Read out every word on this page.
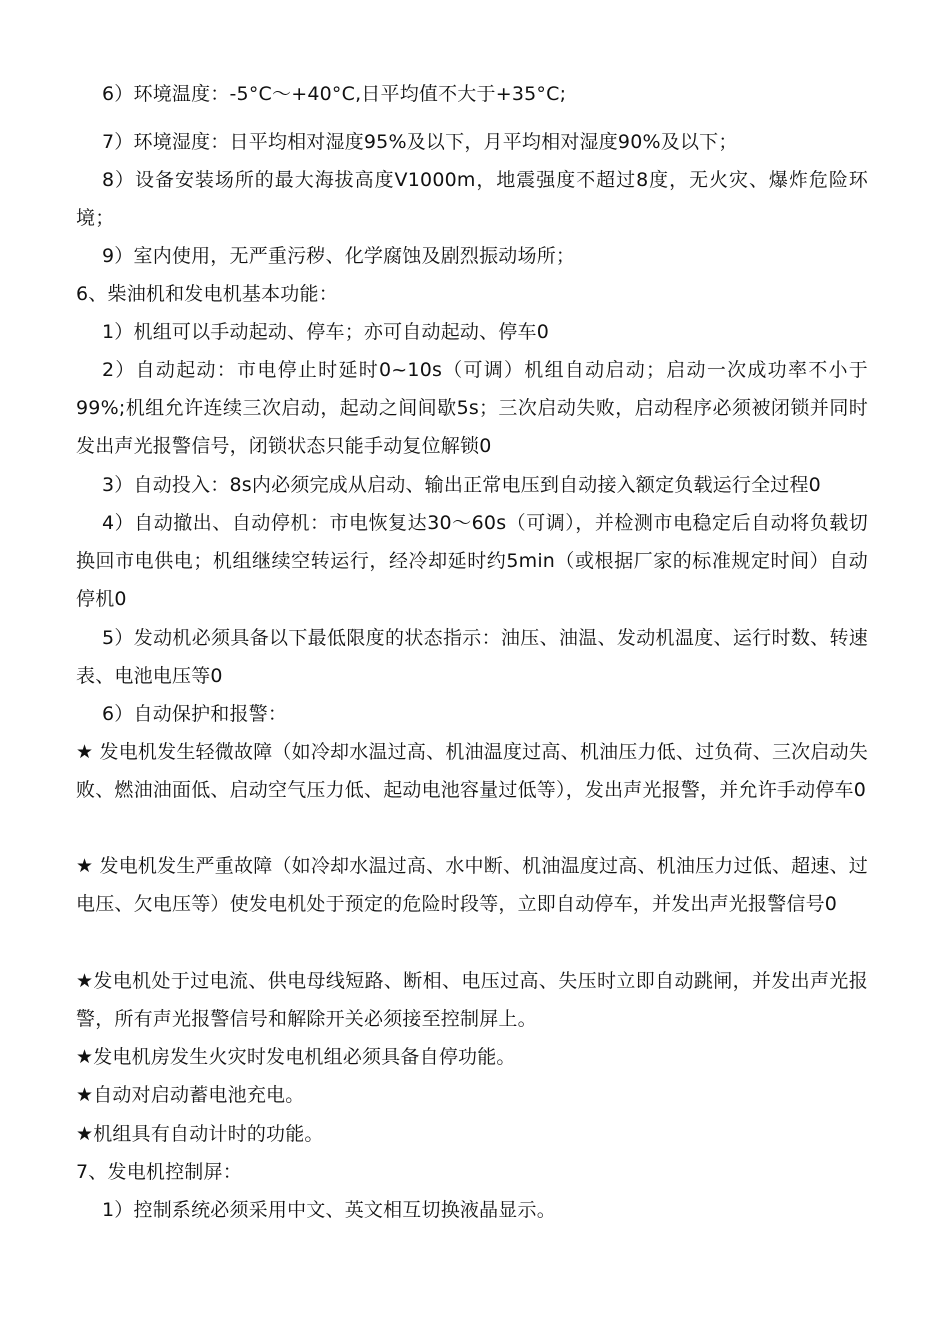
6）环境温度：-5°C～+40°C,日平均值不大于+35°C;

7）环境湿度：日平均相对湿度95%及以下，月平均相对湿度90%及以下；

8）设备安装场所的最大海拔高度V1000m，地震强度不超过8度，无火灾、爆炸危险环境；

9）室内使用，无严重污秽、化学腐蚀及剧烈振动场所；

6、柴油机和发电机基本功能：

1）机组可以手动起动、停车；亦可自动起动、停车0

2）自动起动：市电停止时延时0~10s（可调）机组自动启动；启动一次成功率不小于99%;机组允许连续三次启动，起动之间间歇5s；三次启动失败，启动程序必须被闭锁并同时发出声光报警信号，闭锁状态只能手动复位解锁0

3）自动投入：8s内必须完成从启动、输出正常电压到自动接入额定负载运行全过程0

4）自动撤出、自动停机：市电恢复达30～60s（可调），并检测市电稳定后自动将负载切换回市电供电；机组继续空转运行，经冷却延时约5min（或根据厂家的标准规定时间）自动停机0

5）发动机必须具备以下最低限度的状态指示：油压、油温、发动机温度、运行时数、转速表、电池电压等0

6）自动保护和报警：

★ 发电机发生轻微故障（如冷却水温过高、机油温度过高、机油压力低、过负荷、三次启动失败、燃油油面低、启动空气压力低、起动电池容量过低等），发出声光报警，并允许手动停车0

★ 发电机发生严重故障（如冷却水温过高、水中断、机油温度过高、机油压力过低、超速、过电压、欠电压等）使发电机处于预定的危险时段等，立即自动停车，并发出声光报警信号0

★发电机处于过电流、供电母线短路、断相、电压过高、失压时立即自动跳闸，并发出声光报警，所有声光报警信号和解除开关必须接至控制屏上。

★发电机房发生火灾时发电机组必须具备自停功能。

★自动对启动蓄电池充电。

★机组具有自动计时的功能。

7、发电机控制屏：

1）控制系统必须采用中文、英文相互切换液晶显示。
